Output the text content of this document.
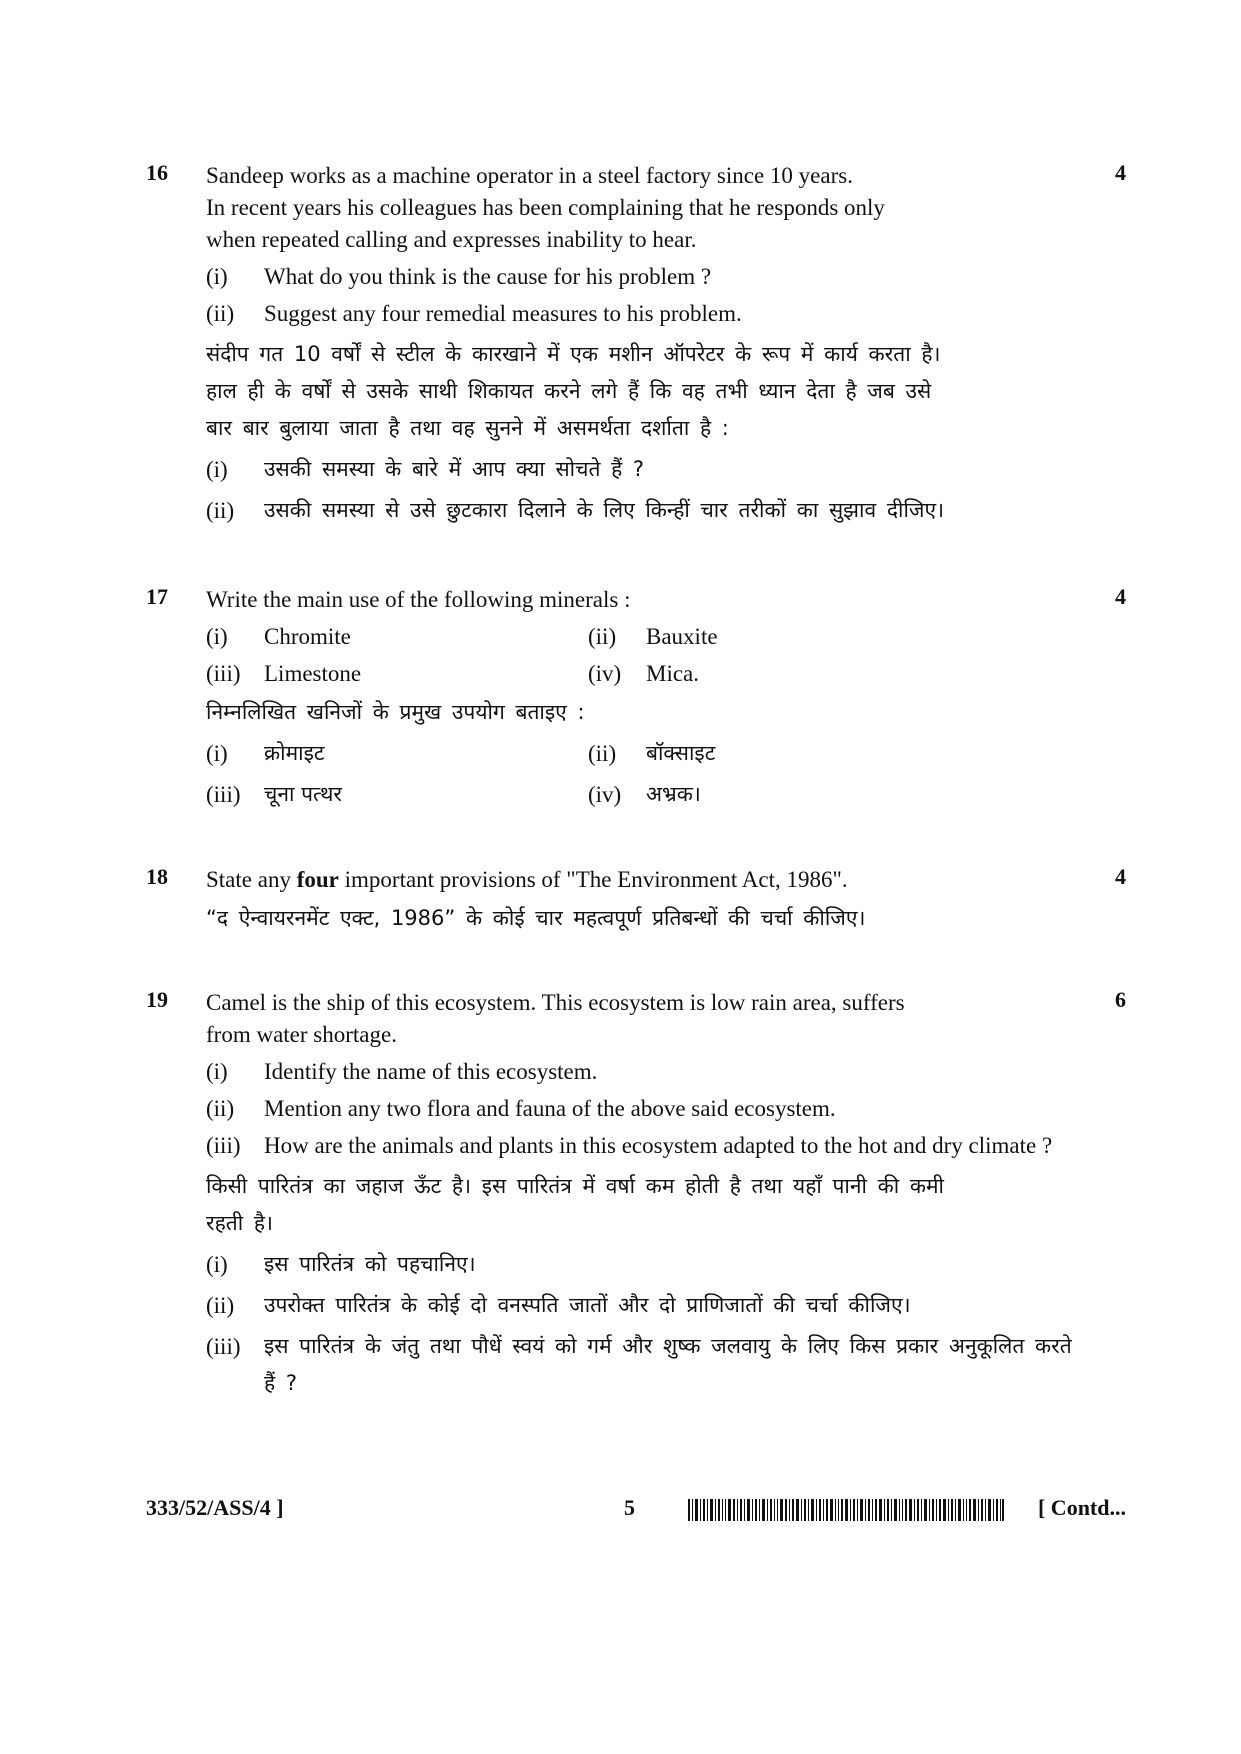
16	4
Sandeep works as a machine operator in a steel factory since 10 years.
In recent years his colleagues has been complaining that he responds only
when repeated calling and expresses inability to hear.
(i)	What do you think is the cause for his problem ?
(ii)	Suggest any four remedial measures to his problem.
संदीप गत 10 वर्षों से स्टील के कारखाने में एक मशीन ऑपरेटर के रूप में कार्य करता है।
हाल ही के वर्षों से उसके साथी शिकायत करने लगे हैं कि वह तभी ध्यान देता है जब उसे
बार बार बुलाया जाता है तथा वह सुनने में असमर्थता दर्शाता है :
(i)	उसकी समस्या के बारे में आप क्या सोचते हैं ?
(ii)	उसकी समस्या से उसे छुटकारा दिलाने के लिए किन्हीं चार तरीकों का सुझाव दीजिए।
17	4
Write the main use of the following minerals :
(i)	Chromite	(ii)	Bauxite
(iii)	Limestone	(iv)	Mica.
निम्नलिखित खनिजों के प्रमुख उपयोग बताइए :
(i)	क्रोमाइट	(ii)	बॉक्साइट
(iii)	चूना पत्थर	(iv)	अभ्रक।
18	4
State any four important provisions of "The Environment Act, 1986".
“द ऐन्वायरनमेंट एक्ट, 1986” के कोई चार महत्वपूर्ण प्रतिबन्धों की चर्चा कीजिए।
19	6
Camel is the ship of this ecosystem. This ecosystem is low rain area, suffers
from water shortage.
(i)	Identify the name of this ecosystem.
(ii)	Mention any two flora and fauna of the above said ecosystem.
(iii)	How are the animals and plants in this ecosystem adapted to the hot and dry climate ?
किसी पारितंत्र का जहाज ऊँट है। इस पारितंत्र में वर्षा कम होती है तथा यहाँ पानी की कमी
रहती है।
(i)	इस पारितंत्र को पहचानिए।
(ii)	उपरोक्त पारितंत्र के कोई दो वनस्पति जातों और दो प्राणिजातों की चर्चा कीजिए।
(iii)	इस पारितंत्र के जंतु तथा पौधें स्वयं को गर्म और शुष्क जलवायु के लिए किस प्रकार अनुकूलित करते हैं ?
333/52/ASS/4 ]	5	[ Contd...
